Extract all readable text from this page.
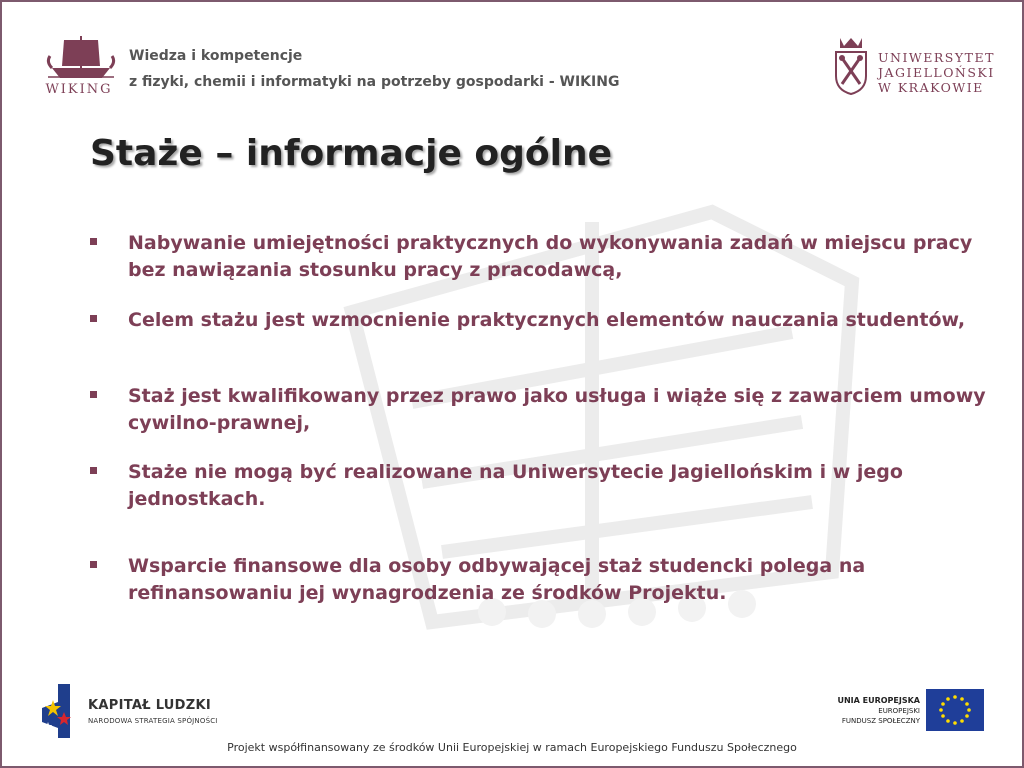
WIKING
Wiedza i kompetencje
z fizyki, chemii i informatyki na potrzeby gospodarki - WIKING
UNIWERSYTET
JAGIELLOŃSKI
W KRAKOWIE
Staże – informacje ogólne
Nabywanie umiejętności praktycznych do wykonywania zadań w miejscu pracy bez nawiązania stosunku pracy z pracodawcą,
Celem stażu jest wzmocnienie praktycznych elementów nauczania studentów,
Staż jest kwalifikowany przez prawo jako usługa i wiąże się z zawarciem umowy cywilno-prawnej,
Staże nie mogą być realizowane na Uniwersytecie Jagiellońskim i w jego jednostkach.
Wsparcie finansowe dla osoby odbywającej staż studencki polega na refinansowaniu jej wynagrodzenia ze środków Projektu.
KAPITAŁ LUDZKI
NARODOWA STRATEGIA SPÓJNOŚCI
UNIA EUROPEJSKA
EUROPEJSKI
FUNDUSZ SPOŁECZNY
Projekt współfinansowany ze środków Unii Europejskiej w ramach Europejskiego Funduszu Społecznego
